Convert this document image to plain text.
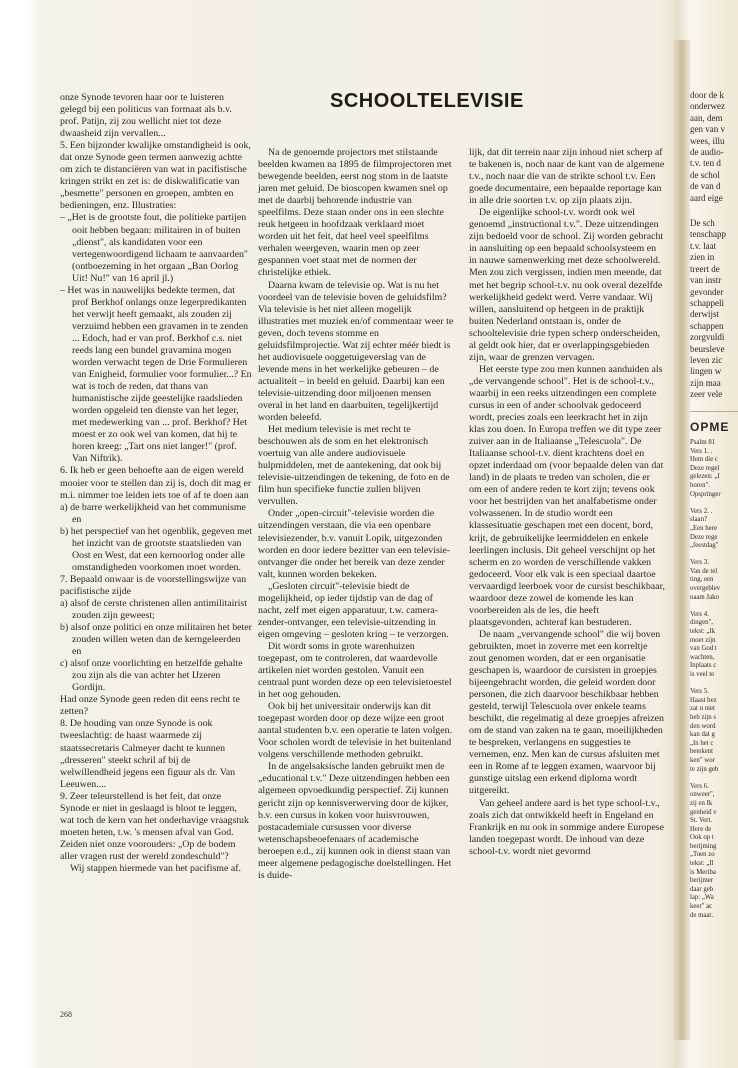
SCHOOLTELEVISIE

onze Synode tevoren haar oor te luisteren gelegd bij een politicus van formaat als b.v. prof. Patijn, zij zou wellicht niet tot deze dwaasheid zijn vervallen...

5. Een bijzonder kwalijke omstandigheid is ook, dat onze Synode geen termen aanwezig achtte om zich te distanciëren van wat in pacifistische kringen strikt en zet is: de diskwalificatie van „besmette" personen en groepen, ambten en bedieningen, enz. Illustraties:

– „Het is de grootste fout, die politieke partijen ooit hebben begaan: militairen in of buiten „dienst", als kandidaten voor een vertegenwoordigend lichaam te aanvaarden" (ontboezeming in het orgaan „Ban Oorlog Uit! Nu!" van 16 april jl.)

– Het was in nauwelijks bedekte termen, dat prof Berkhof onlangs onze legerpredikanten het verwijt heeft gemaakt, als zouden zij verzuimd hebben een gravamen in te zenden ... Edoch, had er van prof. Berkhof c.s. niet reeds lang een bundel gravamina mogen worden verwacht tegen de Drie Formulieren van Enigheid, formulier voor formulier...? En wat is toch de reden, dat thans van humanistische zijde geestelijke raadslieden worden opgeleid ten dienste van het leger, met medewerking van ... prof. Berkhof? Het moest er zo ook wel van komen, dat hij te horen kreeg: „Tart ons niet langer!" (prof. Van Niftrik).

6. Ik heb er geen behoefte aan de eigen wereld mooier voor te stellen dan zij is, doch dit mag er m.i. nimmer toe leiden iets toe of af te doen aan

a) de barre werkelijkheid van het communisme en

b) het perspectief van het ogenblik, gegeven met het inzicht van de grootste staatslieden van Oost en West, dat een kernoorlog onder alle omstandigheden voorkomen moet worden.

7. Bepaald onwaar is de voorstellingswijze van pacifistische zijde

a) alsof de cerste christenen allen antimilitairist zouden zijn geweest;

b) alsof onze politici en onze militairen het beter zouden willen weten dan de kerngeleerden en

c) alsof onze voorlichting en hetzelfde gehalte zou zijn als die van achter het IJzeren Gordijn.

Had onze Synode geen reden dit eens recht te zetten?

8. De houding van onze Synode is ook tweeslachtig: de haast waarmede zij staatssecretaris Calmeyer dacht te kunnen „dresseren" steekt schril af bij de welwillendheid jegens een figuur als dr. Van Leeuwen....

9. Zeer teleurstellend is het feit, dat onze Synode er niet in geslaagd is bloot te leggen, wat toch de kern van het onderhavige vraagstuk moeten heten, t.w. 's mensen afval van God. Zeiden niet onze voorouders: „Op de bodem aller vragen rust der wereld zondeschuld"?

Wij stappen hiermede van het pacifisme af.

Na de genoemde projectors met stilstaande beelden kwamen na 1895 de filmprojectoren met bewegende beelden, eerst nog stom in de laatste jaren met geluid. De bioscopen kwamen snel op met de daarbij behorende industrie van speelfilms. Deze staan onder ons in een slechte reuk hetgeen in hoofdzaak verklaard moet worden uit het feit, dat heel veel speelfilms verhalen weergeven, waarin men op zeer gespannen voet staat met de normen der christelijke ethiek.

Daarna kwam de televisie op. Wat is nu het voordeel van de televisie boven de geluidsfilm? Via televisie is het niet alleen mogelijk illustraties met muziek en/of commentaar weer te geven, doch tevens stomme en geluidsfilmprojectie. Wat zij echter méér biedt is het audiovisuele ooggetuigeverslag van de levende mens in het werkelijke gebeuren – de actualiteit – in beeld en geluid. Daarbij kan een televisie-uitzending door miljoenen mensen overal in het land en daarbuiten, tegelijkertijd worden beleefd.

Het medium televisie is met recht te beschouwen als de som en het elektronisch voertuig van alle andere audiovisuele hulpmiddelen, met de aantekening, dat ook bij televisie-uitzendingen de tekening, de foto en de film hun specifieke functie zullen blijven vervullen.

Onder „open-circuit"-televisie worden die uitzendingen verstaan, die via een openbare televisiezender, b.v. vanuit Lopik, uitgezonden worden en door iedere bezitter van een televisie-ontvanger die onder het bereik van deze zender valt, kunnen worden bekeken.

„Gesloten circuit"-televisie biedt de mogelijkheid, op ieder tijdstip van de dag of nacht, zelf met eigen apparatuur, t.w. camera-zender-ontvanger, een televisie-uitzending in eigen omgeving – gesloten kring – te verzorgen.

Dit wordt soms in grote warenhuizen toegepast, om te controleren, dat waardevolle artikelen niet worden gestolen. Vanuit een centraal punt worden deze op een televisietoestel in het oog gehouden.

Ook bij het universitair onderwijs kan dit toegepast worden door op deze wijze een groot aantal studenten b.v. een operatie te laten volgen. Voor scholen wordt de televisie in het buitenland volgens verschillende methoden gebruikt.

In de angelsaksische landen gebruikt men de „educational t.v." Deze uitzendingen hebben een algemeen opvoedkundig perspectief. Zij kunnen gericht zijn op kennisverwerving door de kijker, b.v. een cursus in koken voor huisvrouwen, postacademiale cursussen voor diverse wetenschapsbeoefenaars of academische beroepen e.d., zij kunnen ook in dienst staan van meer algemene pedagogische doelstellingen. Het is duide-

lijk, dat dit terrein naar zijn inhoud niet scherp af te bakenen is, noch naar de kant van de algemene t.v., noch naar die van de strikte school t.v. Een goede documentaire, een bepaalde reportage kan in alle drie soorten t.v. op zijn plaats zijn.

De eigenlijke school-t.v. wordt ook wel genoemd „instructional t.v.". Deze uitzendingen zijn bedoeld voor de school. Zij worden gebracht in aansluiting op een bepaald schoolsysteem en in nauwe samenwerking met deze schoolwereld. Men zou zich vergissen, indien men meende, dat met het begrip school-t.v. nu ook overal dezelfde werkelijkheid gedekt werd. Verre vandaar. Wij willen, aansluitend op hetgeen in de praktijk buiten Nederland ontstaan is, onder de schooltelevisie drie typen scherp onderscheiden, al geldt ook hier, dat er overlappingsgebieden zijn, waar de grenzen vervagen.

Het eerste type zou men kunnen aanduiden als „de vervangende school". Het is de school-t.v., waarbij in een reeks uitzendingen een complete cursus in een of ander schoolvak gedoceerd wordt, precies zoals een leerkracht het in zijn klas zou doen. In Europa treffen we dit type zeer zuiver aan in de Italiaanse „Telescuola". De Italiaanse school-t.v. dient krachtens doel en opzet inderdaad om (voor bepaalde delen van dat land) in de plaats te treden van scholen, die er om een of andere reden te kort zijn; tevens ook voor het bestrijden van het analfabetisme onder volwassenen. In de studio wordt een klassesituatie geschapen met een docent, bord, krijt, de gebruikelijke leermiddelen en enkele leerlingen inclusis. Dit geheel verschijnt op het scherm en zo worden de verschillende vakken gedoceerd. Voor elk vak is een speciaal daartoe vervaardigd leerboek voor de cursist beschikbaar, waardoor deze zowel de komende les kan voorbereiden als de les, die heeft plaatsgevonden, achteraf kan bestuderen.

De naam „vervangende school" die wij boven gebruikten, moet in zoverre met een korreltje zout genomen worden, dat er een organisatie geschapen is, waardoor de cursisten in groepjes bijeengebracht worden, die geleid worden door personen, die zich daarvoor beschikbaar hebben gesteld, terwijl Telescuola over enkele teams beschikt, die regelmatig al deze groepjes afreizen om de stand van zaken na te gaan, moeilijkheden te bespreken, verlangens en suggesties te vernemen, enz. Men kan de cursus afsluiten met een in Rome af te leggen examen, waarvoor bij gunstige uitslag een erkend diploma wordt uitgereikt.

Van geheel andere aard is het type school-t.v., zoals zich dat ontwikkeld heeft in Engeland en Frankrijk en nu ook in sommige andere Europese landen toegepast wordt. De inhoud van deze school-t.v. wordt niet gevormd

door de k
onderwez
aan, dem
gen van v
wees, illu
de audio-
t.v. ten d
de schol
de van d
aard eige
De sch
tenschapp
t.v. laat
zien in
treert de
van instr
gevonder
schappeli
derwijst
schappen
zorgvuldi
beursleve
leven zic
lingen w
zijn maa
zeer vele
OPME
Psalm 81
Vers 1. .
Hem die c
Deze regel
gelezen: „I
horen".
Opspringer

Vers 2. .
slaan?
„Een here
Deze rege
„feestdag"

Vers 3.
Van de tel
ting, een
overgeblev
naam Jako

Vers 4.
dingen",
tekst: „Ik
moet zijn
van God t
wachten,
Inplaats c
is veel te

Vers 5.
Haast bez
zat u niet
heb zijn s
den word
kan dat g
„In het c
betekent
ken" wor
te zijn geb

Vers 6.
onweer",
zij en Ik
genheid v
St. Vert.
Here de
Ook op t
berijming
„Toen zo
tekst: „Il
is Meriba
berijmer
daar geb
lap: „Wa
keer" ac
de maat.
268
